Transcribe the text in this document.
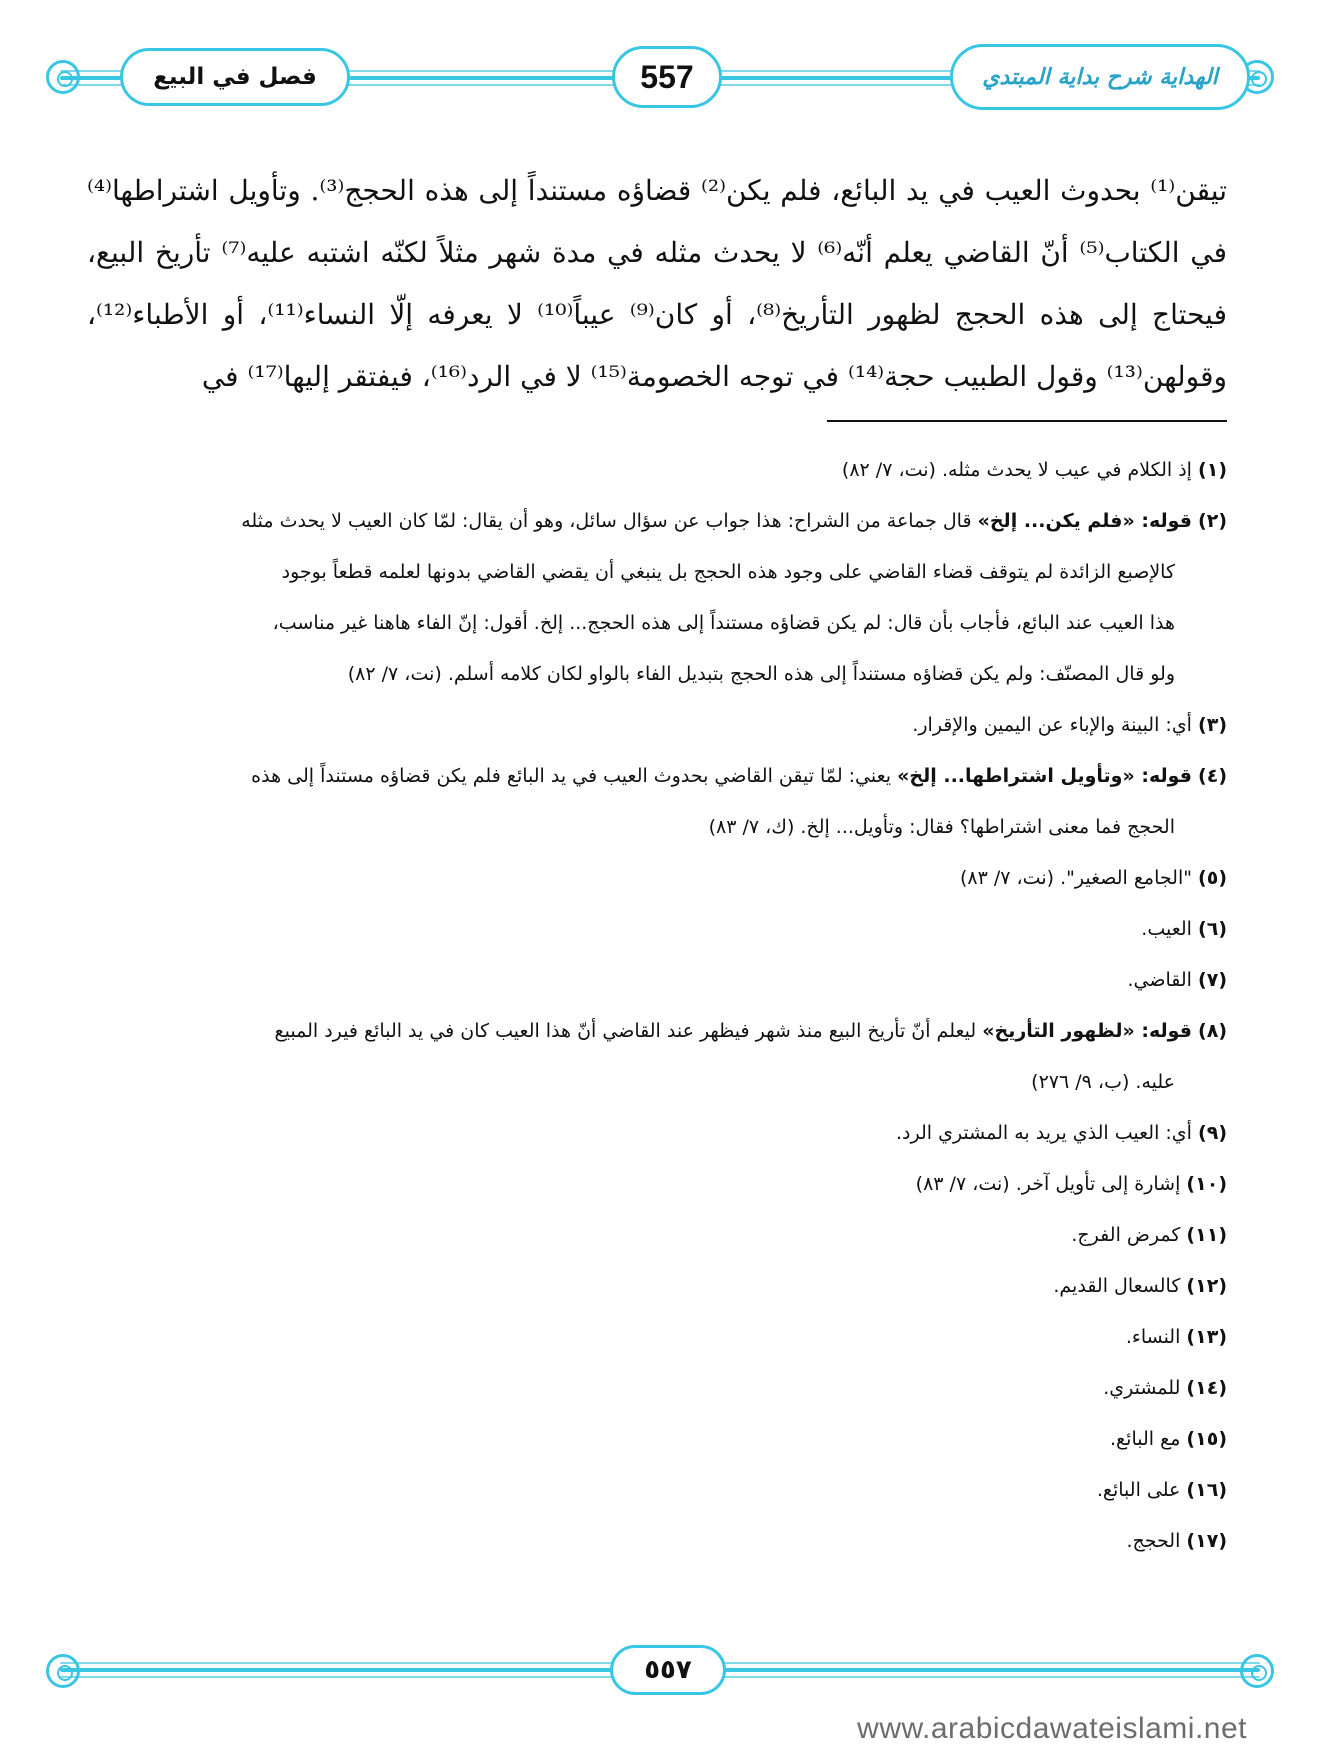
فصل في البيع	557	الهداية شرح بداية المبتدي

تيقن⁽¹⁾ بحدوث العيب في يد البائع، فلم يكن⁽²⁾ قضاؤه مستنداً إلى هذه الحجج⁽³⁾. وتأويل اشتراطها⁽⁴⁾ في الكتاب⁽⁵⁾ أنّ القاضي يعلم أنّه⁽⁶⁾ لا يحدث مثله في مدة شهر مثلاً لكنّه اشتبه عليه⁽⁷⁾ تأريخ البيع، فيحتاج إلى هذه الحجج لظهور التأريخ⁽⁸⁾، أو كان⁽⁹⁾ عيباً⁽¹⁰⁾ لا يعرفه إلّا النساء⁽¹¹⁾، أو الأطباء⁽¹²⁾، وقولهن⁽¹³⁾ وقول الطبيب حجة⁽¹⁴⁾ في توجه الخصومة⁽¹⁵⁾ لا في الرد⁽¹⁶⁾، فيفتقر إليها⁽¹⁷⁾ في

(١) إذ الكلام في عيب لا يحدث مثله. (نت، ٧/ ٨٢)

(٢) قوله: «فلم يكن... إلخ» قال جماعة من الشراح: هذا جواب عن سؤال سائل، وهو أن يقال: لمّا كان العيب لا يحدث مثله

كالإصبع الزائدة لم يتوقف قضاء القاضي على وجود هذه الحجج بل ينبغي أن يقضي القاضي بدونها لعلمه قطعاً بوجود
هذا العيب عند البائع، فأجاب بأن قال: لم يكن قضاؤه مستنداً إلى هذه الحجج... إلخ. أقول: إنّ الفاء هاهنا غير مناسب،
ولو قال المصنّف: ولم يكن قضاؤه مستنداً إلى هذه الحجج بتبديل الفاء بالواو لكان كلامه أسلم. (نت، ٧/ ٨٢)

(٣) أي: البينة والإباء عن اليمين والإقرار.

(٤) قوله: «وتأويل اشتراطها... إلخ» يعني: لمّا تيقن القاضي بحدوث العيب في يد البائع فلم يكن قضاؤه مستنداً إلى هذه

الحجج فما معنى اشتراطها؟ فقال: وتأويل... إلخ. (ك، ٧/ ٨٣)

(٥) "الجامع الصغير". (نت، ٧/ ٨٣)

(٦) العيب.

(٧) القاضي.

(٨) قوله: «لظهور التأريخ» ليعلم أنّ تأريخ البيع منذ شهر فيظهر عند القاضي أنّ هذا العيب كان في يد البائع فيرد المبيع

عليه. (ب، ٩/ ٢٧٦)

(٩) أي: العيب الذي يريد به المشتري الرد.

(١٠) إشارة إلى تأويل آخر. (نت، ٧/ ٨٣)

(١١) كمرض الفرج.

(١٢) كالسعال القديم.

(١٣) النساء.

(١٤) للمشتري.

(١٥) مع البائع.

(١٦) على البائع.

(١٧) الحجج.

٥٥٧
www.arabicdawateislami.net
